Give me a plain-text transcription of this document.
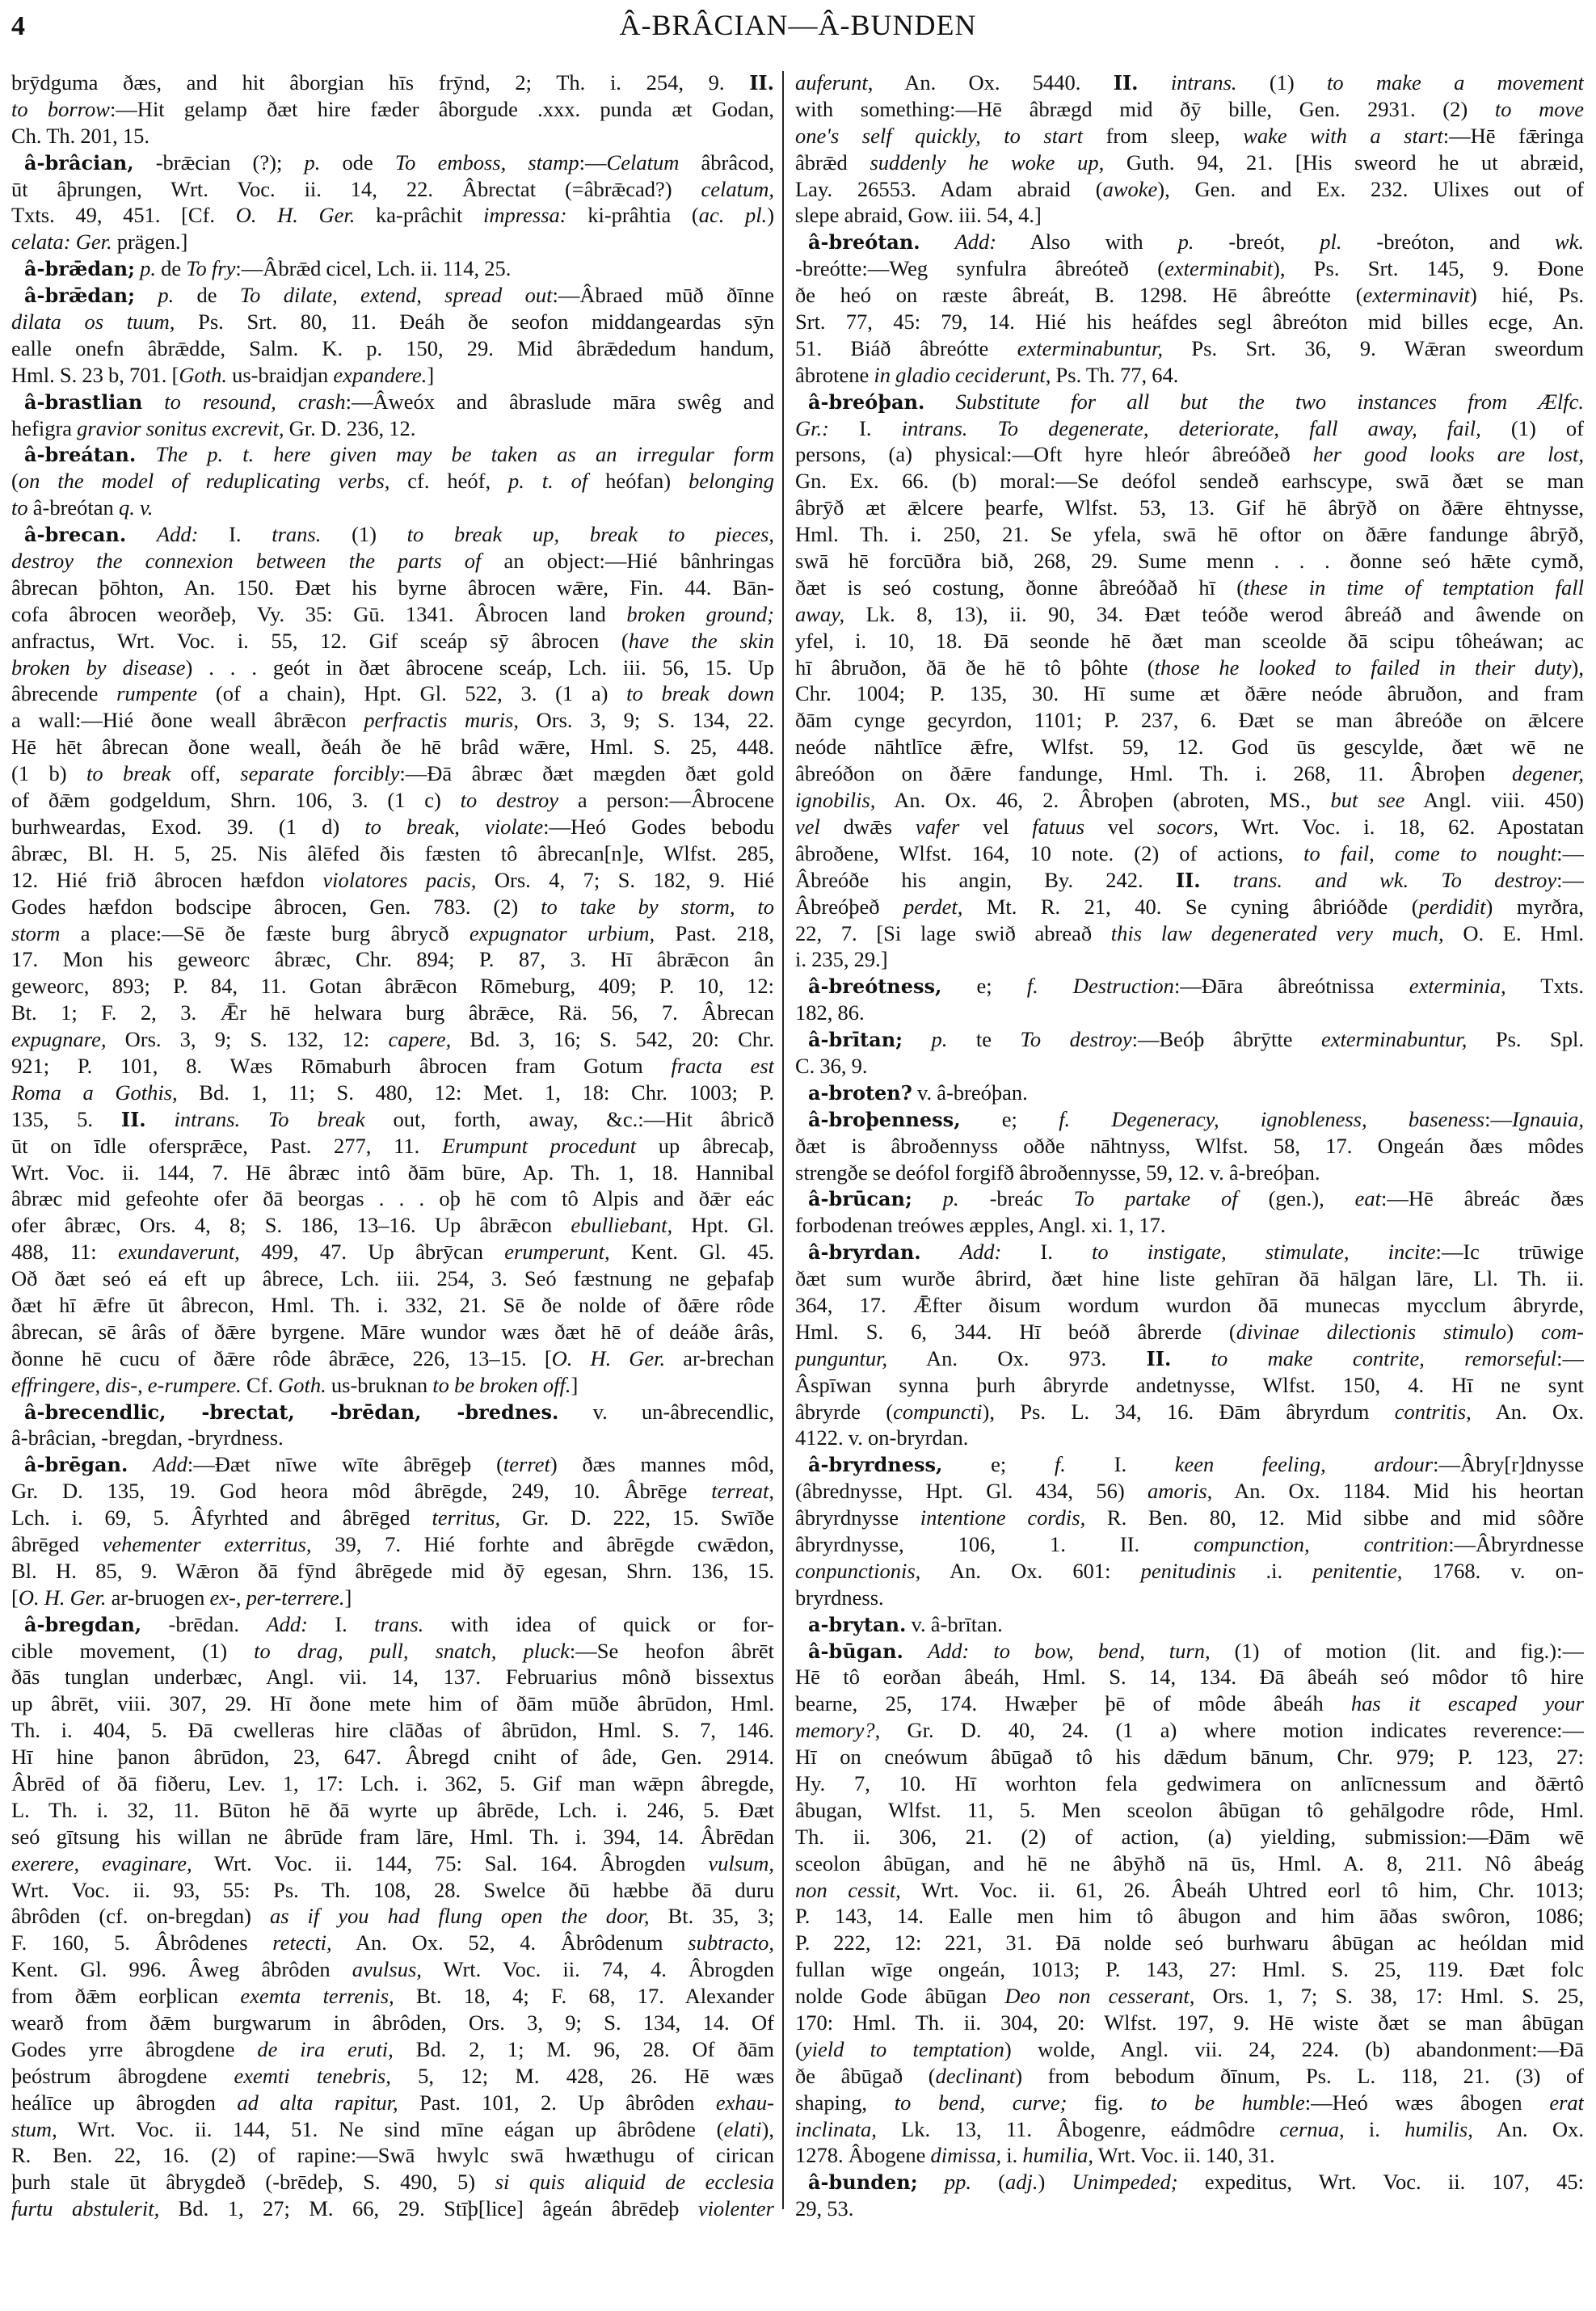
4	Â-BRÂCIAN—Â-BUNDEN
brȳdguma ðæs, and hit âborgian hīs frȳnd, 2; Th. i. 254, 9. II.
to borrow:—Hit gelamp ðæt hire fæder âborgude .xxx. punda æt Godan,
Ch. Th. 201, 15.
â-brâcian, -brǣcian (?); p. ode To emboss, stamp:—Celatum âbrâcod,
ūt âþrungen, Wrt. Voc. ii. 14, 22. Âbrectat (=âbrǣcad?) celatum,
Txts. 49, 451. [Cf. O. H. Ger. ka-prâchit impressa: ki-prâhtia (ac. pl.)
celata: Ger. prägen.]
â-brǣdan; p. de To fry:—Âbrǣd cicel, Lch. ii. 114, 25.
â-brǣdan; p. de To dilate, extend, spread out:—Âbraed mūð ðīnne
dilata os tuum, Ps. Srt. 80, 11. Ðeáh ðe seofon middangeardas sȳn
ealle onefn âbrǣdde, Salm. K. p. 150, 29. Mid âbrǣdedum handum,
Hml. S. 23 b, 701. [Goth. us-braidjan expandere.]
â-brastlian to resound, crash:—Âweóx and âbraslude māra swêg and
hefigra gravior sonitus excrevit, Gr. D. 236, 12.
â-breátan. The p. t. here given may be taken as an irregular form
(on the model of reduplicating verbs, cf. heóf, p. t. of heófan) belonging
to â-breótan q. v.
â-brecan. Add: I. trans. (1) to break up, break to pieces,
destroy the connexion between the parts of an object:—Hié bânhringas
âbrecan þōhton, An. 150. Ðæt his byrne âbrocen wǣre, Fin. 44. Bān-
cofa âbrocen weorðeþ, Vy. 35: Gū. 1341. Âbrocen land broken ground;
anfractus, Wrt. Voc. i. 55, 12. Gif sceáp sȳ âbrocen (have the skin
broken by disease) . . . geót in ðæt âbrocene sceáp, Lch. iii. 56, 15. Up
âbrecende rumpente (of a chain), Hpt. Gl. 522, 3. (1 a) to break down
a wall:—Hié ðone weall âbrǣcon perfractis muris, Ors. 3, 9; S. 134, 22.
Hē hēt âbrecan ðone weall, ðeáh ðe hē brâd wǣre, Hml. S. 25, 448.
(1 b) to break off, separate forcibly:—Ðā âbræc ðæt mægden ðæt gold
of ðǣm godgeldum, Shrn. 106, 3. (1 c) to destroy a person:—Âbrocene
burhweardas, Exod. 39. (1 d) to break, violate:—Heó Godes bebodu
âbræc, Bl. H. 5, 25. Nis âlēfed ðis fæsten tô âbrecan[n]e, Wlfst. 285,
12. Hié frið âbrocen hæfdon violatores pacis, Ors. 4, 7; S. 182, 9. Hié
Godes hæfdon bodscipe âbrocen, Gen. 783. (2) to take by storm, to
storm a place:—Sē ðe fæste burg âbrycð expugnator urbium, Past. 218,
17. Mon his geweorc âbræc, Chr. 894; P. 87, 3. Hī âbrǣcon ân
geweorc, 893; P. 84, 11. Gotan âbrǣcon Rōmeburg, 409; P. 10, 12:
Bt. 1; F. 2, 3. Ǣr hē helwara burg âbrǣce, Rä. 56, 7. Âbrecan
expugnare, Ors. 3, 9; S. 132, 12: capere, Bd. 3, 16; S. 542, 20: Chr.
921; P. 101, 8. Wæs Rōmaburh âbrocen fram Gotum fracta est
Roma a Gothis, Bd. 1, 11; S. 480, 12: Met. 1, 18: Chr. 1003; P.
135, 5. II. intrans. To break out, forth, away, &c.:—Hit âbricð
ūt on īdle ofersprǣce, Past. 277, 11. Erumpunt procedunt up âbrecaþ,
Wrt. Voc. ii. 144, 7. Hē âbræc intô ðām būre, Ap. Th. 1, 18. Hannibal
âbræc mid gefeohte ofer ðā beorgas . . . oþ hē com tô Alpis and ðǣr eác
ofer âbræc, Ors. 4, 8; S. 186, 13–16. Up âbrǣcon ebulliebant, Hpt. Gl.
488, 11: exundaverunt, 499, 47. Up âbrȳcan erumperunt, Kent. Gl. 45.
Oð ðæt seó eá eft up âbrece, Lch. iii. 254, 3. Seó fæstnung ne geþafaþ
ðæt hī ǣfre ūt âbrecon, Hml. Th. i. 332, 21. Sē ðe nolde of ðǣre rôde
âbrecan, sē ârâs of ðǣre byrgene. Māre wundor wæs ðæt hē of deáðe ârâs,
ðonne hē cucu of ðǣre rôde âbrǣce, 226, 13–15. [O. H. Ger. ar-brechan
effringere, dis-, e-rumpere. Cf. Goth. us-bruknan to be broken off.]
â-brecendlic, -brectat, -brēdan, -brednes. v. un-âbrecendlic,
â-brâcian, -bregdan, -bryrdness.
â-brēgan. Add:—Ðæt nīwe wīte âbrēgeþ (terret) ðæs mannes môd,
Gr. D. 135, 19. God heora môd âbrēgde, 249, 10. Âbrēge terreat,
Lch. i. 69, 5. Âfyrhted and âbrēged territus, Gr. D. 222, 15. Swīðe
âbrēged vehementer exterritus, 39, 7. Hié forhte and âbrēgde cwǣdon,
Bl. H. 85, 9. Wǣron ðā fȳnd âbrēgede mid ðȳ egesan, Shrn. 136, 15.
[O. H. Ger. ar-bruogen ex-, per-terrere.]
â-bregdan, -brēdan. Add: I. trans. with idea of quick or for-
cible movement, (1) to drag, pull, snatch, pluck:—Se heofon âbrēt
ðās tunglan underbæc, Angl. vii. 14, 137. Februarius mônð bissextus
up âbrēt, viii. 307, 29. Hī ðone mete him of ðām mūðe âbrūdon, Hml.
Th. i. 404, 5. Ðā cwelleras hire clāðas of âbrūdon, Hml. S. 7, 146.
Hī hine þanon âbrūdon, 23, 647. Âbregd cniht of âde, Gen. 2914.
Âbrēd of ðā fiðeru, Lev. 1, 17: Lch. i. 362, 5. Gif man wǣpn âbregde,
L. Th. i. 32, 11. Būton hē ðā wyrte up âbrēde, Lch. i. 246, 5. Ðæt
seó gītsung his willan ne âbrūde fram lāre, Hml. Th. i. 394, 14. Âbrēdan
exerere, evaginare, Wrt. Voc. ii. 144, 75: Sal. 164. Âbrogden vulsum,
Wrt. Voc. ii. 93, 55: Ps. Th. 108, 28. Swelce ðū hæbbe ðā duru
âbrôden (cf. on-bregdan) as if you had flung open the door, Bt. 35, 3;
F. 160, 5. Âbrôdenes retecti, An. Ox. 52, 4. Âbrôdenum subtracto,
Kent. Gl. 996. Âweg âbrôden avulsus, Wrt. Voc. ii. 74, 4. Âbrogden
from ðǣm eorþlican exemta terrenis, Bt. 18, 4; F. 68, 17. Alexander
wearð from ðǣm burgwarum in âbrôden, Ors. 3, 9; S. 134, 14. Of
Godes yrre âbrogdene de ira eruti, Bd. 2, 1; M. 96, 28. Of ðām
þeóstrum âbrogdene exemti tenebris, 5, 12; M. 428, 26. Hē wæs
heálīce up âbrogden ad alta rapitur, Past. 101, 2. Up âbrôden exhau-
stum, Wrt. Voc. ii. 144, 51. Ne sind mīne eágan up âbrôdene (elati),
R. Ben. 22, 16. (2) of rapine:—Swā hwylc swā hwæthugu of cirican
þurh stale ūt âbrygdeð (-brēdeþ, S. 490, 5) si quis aliquid de ecclesia
furtu abstulerit, Bd. 1, 27; M. 66, 29. Stīþ[lice] âgeán âbrēdeþ violenter
auferunt, An. Ox. 5440. II. intrans. (1) to make a movement
with something:—Hē âbrægd mid ðȳ bille, Gen. 2931. (2) to move
one's self quickly, to start from sleep, wake with a start:—Hē fǣringa
âbrǣd suddenly he woke up, Guth. 94, 21. [His sweord he ut abræid,
Lay. 26553. Adam abraid (awoke), Gen. and Ex. 232. Ulixes out of
slepe abraid, Gow. iii. 54, 4.]
â-breótan. Add: Also with p. -breót, pl. -breóton, and wk.
-breótte:—Weg synfulra âbreóteð (exterminabit), Ps. Srt. 145, 9. Ðone
ðe heó on ræste âbreát, B. 1298. Hē âbreótte (exterminavit) hié, Ps.
Srt. 77, 45: 79, 14. Hié his heáfdes segl âbreóton mid billes ecge, An.
51. Biáð âbreótte exterminabuntur, Ps. Srt. 36, 9. Wǣran sweordum
âbrotene in gladio ceciderunt, Ps. Th. 77, 64.
â-breóþan. Substitute for all but the two instances from Ælfc.
Gr.: I. intrans. To degenerate, deteriorate, fall away, fail, (1) of
persons, (a) physical:—Oft hyre hleór âbreóðeð her good looks are lost,
Gn. Ex. 66. (b) moral:—Se deófol sendeð earhscype, swā ðæt se man
âbrȳð æt ǣlcere þearfe, Wlfst. 53, 13. Gif hē âbrȳð on ðǣre ēhtnysse,
Hml. Th. i. 250, 21. Se yfela, swā hē oftor on ðǣre fandunge âbrȳð,
swā hē forcūðra bið, 268, 29. Sume menn . . . ðonne seó hǣte cymð,
ðæt is seó costung, ðonne âbreóðað hī (these in time of temptation fall
away, Lk. 8, 13), ii. 90, 34. Ðæt teóðe werod âbreáð and âwende on
yfel, i. 10, 18. Ðā seonde hē ðæt man sceolde ðā scipu tôheáwan; ac
hī âbruðon, ðā ðe hē tô þôhte (those he looked to failed in their duty),
Chr. 1004; P. 135, 30. Hī sume æt ðǣre neóde âbruðon, and fram
ðām cynge gecyrdon, 1101; P. 237, 6. Ðæt se man âbreóðe on ǣlcere
neóde nāhtlīce ǣfre, Wlfst. 59, 12. God ūs gescylde, ðæt wē ne
âbreóðon on ðǣre fandunge, Hml. Th. i. 268, 11. Âbroþen degener,
ignobilis, An. Ox. 46, 2. Âbroþen (abroten, MS., but see Angl. viii. 450)
vel dwǣs vafer vel fatuus vel socors, Wrt. Voc. i. 18, 62. Apostatan
âbroðene, Wlfst. 164, 10 note. (2) of actions, to fail, come to nought:—
Âbreóðe his angin, By. 242. II. trans. and wk. To destroy:—
Âbreóþeð perdet, Mt. R. 21, 40. Se cyning âbrióðde (perdidit) myrðra,
22, 7. [Si lage swið abreað this law degenerated very much, O. E. Hml.
i. 235, 29.]
â-breótness, e; f. Destruction:—Ðāra âbreótnissa exterminia, Txts.
182, 86.
â-brītan; p. te To destroy:—Beóþ âbrȳtte exterminabuntur, Ps. Spl.
C. 36, 9.
a-broten? v. â-breóþan.
â-broþenness, e; f. Degeneracy, ignobleness, baseness:—Ignauia,
ðæt is âbroðennyss oððe nāhtnyss, Wlfst. 58, 17. Ongeán ðæs môdes
strengðe se deófol forgifð âbroðennysse, 59, 12. v. â-breóþan.
â-brūcan; p. -breác To partake of (gen.), eat:—Hē âbreác ðæs
forbodenan treówes æpples, Angl. xi. 1, 17.
â-bryrdan. Add: I. to instigate, stimulate, incite:—Ic trūwige
ðæt sum wurðe âbrird, ðæt hine liste gehīran ðā hālgan lāre, Ll. Th. ii.
364, 17. Ǣfter ðisum wordum wurdon ðā munecas mycclum âbryrde,
Hml. S. 6, 344. Hī beóð âbrerde (divinae dilectionis stimulo) com-
punguntur, An. Ox. 973. II. to make contrite, remorseful:—
Âspīwan synna þurh âbryrde andetnysse, Wlfst. 150, 4. Hī ne synt
âbryrde (compuncti), Ps. L. 34, 16. Ðām âbryrdum contritis, An. Ox.
4122. v. on-bryrdan.
â-bryrdness, e; f. I. keen feeling, ardour:—Âbry[r]dnysse
(âbrednysse, Hpt. Gl. 434, 56) amoris, An. Ox. 1184. Mid his heortan
âbryrdnysse intentione cordis, R. Ben. 80, 12. Mid sibbe and mid sôðre
âbryrdnysse, 106, 1. II. compunction, contrition:—Âbryrdnesse
conpunctionis, An. Ox. 601: penitudinis .i. penitentie, 1768. v. on-
bryrdness.
a-brytan. v. â-brītan.
â-būgan. Add: to bow, bend, turn, (1) of motion (lit. and fig.):—
Hē tô eorðan âbeáh, Hml. S. 14, 134. Ðā âbeáh seó môdor tô hire
bearne, 25, 174. Hwæþer þē of môde âbeáh has it escaped your
memory?, Gr. D. 40, 24. (1 a) where motion indicates reverence:—
Hī on cneówum âbūgað tô his dǣdum bānum, Chr. 979; P. 123, 27:
Hy. 7, 10. Hī worhton fela gedwimera on anlīcnessum and ðǣrtô
âbugan, Wlfst. 11, 5. Men sceolon âbūgan tô gehālgodre rôde, Hml.
Th. ii. 306, 21. (2) of action, (a) yielding, submission:—Ðām wē
sceolon âbūgan, and hē ne âbȳhð nā ūs, Hml. A. 8, 211. Nô âbeág
non cessit, Wrt. Voc. ii. 61, 26. Âbeáh Uhtred eorl tô him, Chr. 1013;
P. 143, 14. Ealle men him tô âbugon and him āðas swôron, 1086;
P. 222, 12: 221, 31. Ðā nolde seó burhwaru âbūgan ac heóldan mid
fullan wīge ongeán, 1013; P. 143, 27: Hml. S. 25, 119. Ðæt folc
nolde Gode âbūgan Deo non cesserant, Ors. 1, 7; S. 38, 17: Hml. S. 25,
170: Hml. Th. ii. 304, 20: Wlfst. 197, 9. Hē wiste ðæt se man âbūgan
(yield to temptation) wolde, Angl. vii. 24, 224. (b) abandonment:—Ðā
ðe âbūgað (declinant) from bebodum ðīnum, Ps. L. 118, 21. (3) of
shaping, to bend, curve; fig. to be humble:—Heó wæs âbogen erat
inclinata, Lk. 13, 11. Âbogenre, eádmôdre cernua, i. humilis, An. Ox.
1278. Âbogene dimissa, i. humilia, Wrt. Voc. ii. 140, 31.
â-bunden; pp. (adj.) Unimpeded; expeditus, Wrt. Voc. ii. 107, 45:
29, 53.
